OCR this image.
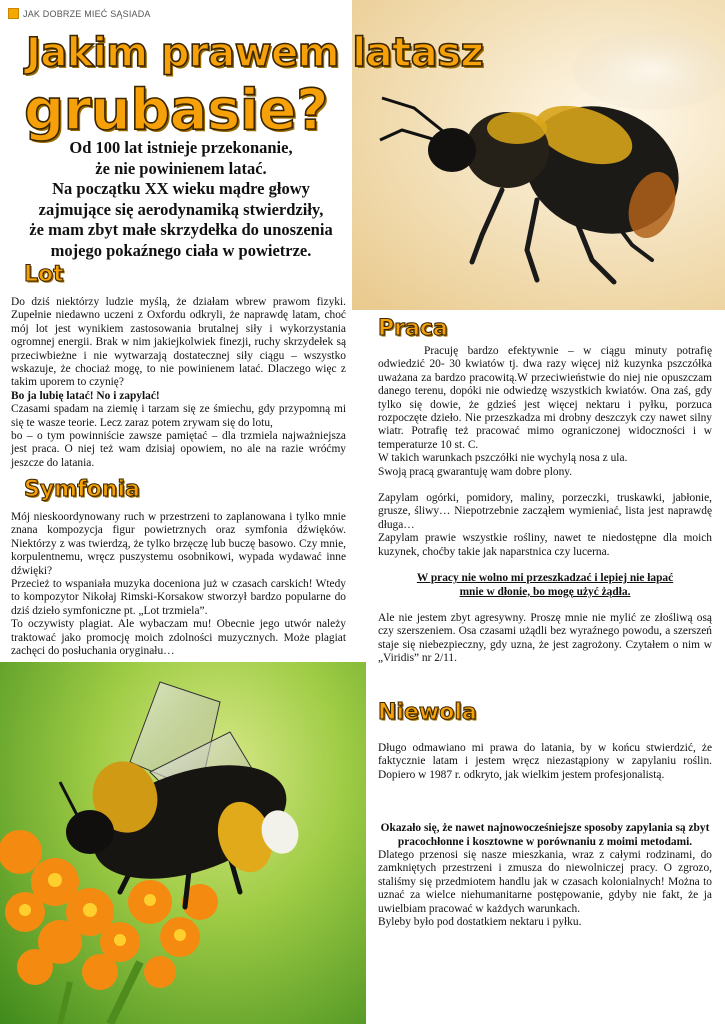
JAK DOBRZE MIEĆ SĄSIADA
Jakim prawem latasz
grubasie?
Od 100 lat istnieje przekonanie,
że nie powinienem latać.
Na początku XX wieku mądre głowy
zajmujące się aerodynamiką stwierdziły,
że mam zbyt małe skrzydełka do unoszenia
mojego pokaźnego ciała w powietrze.
Lot

Do dziś niektórzy ludzie myślą, że działam wbrew prawom fizyki. Zupełnie niedawno uczeni z Oxfordu odkryli, że naprawdę latam, choć mój lot jest wynikiem zastosowania brutalnej siły i wykorzystania ogromnej energii. Brak w nim jakiejkolwiek finezji, ruchy skrzydełek są przeciwbieżne i nie wytwarzają dostatecznej siły ciągu – wszystko wskazuje, że chociaż mogę, to nie powinienem latać. Dlaczego więc z takim uporem to czynię?

Bo ja lubię latać! No i zapylać!

Czasami spadam na ziemię i tarzam się ze śmiechu, gdy przypomną mi się te wasze teorie. Lecz zaraz potem zrywam się do lotu,

bo – o tym powinniście zawsze pamiętać – dla trzmiela najważniejsza jest praca. O niej też wam dzisiaj opowiem, no ale na razie wróćmy jeszcze do latania.

Symfonia

Mój nieskoordynowany ruch w przestrzeni to zaplanowana i tylko mnie znana kompozycja figur powietrznych oraz symfonia dźwięków. Niektórzy z was twierdzą, że tylko brzęczę lub buczę basowo. Czy mnie, korpulentnemu, wręcz puszystemu osobnikowi, wypada wydawać inne dźwięki?

Przecież to wspaniała muzyka doceniona już w czasach carskich! Wtedy to kompozytor Nikołaj Rimski-Korsakow stworzył bardzo popularne do dziś dzieło symfoniczne pt. „Lot trzmiela”.

To oczywisty plagiat. Ale wybaczam mu! Obecnie jego utwór należy traktować jako promocję moich zdolności muzycznych. Może plagiat zachęci do posłuchania oryginału…

Praca

Pracuję bardzo efektywnie – w ciągu minuty potrafię odwiedzić 20- 30 kwiatów tj. dwa razy więcej niż kuzynka pszczółka uważana za bardzo pracowitą.W przeciwieństwie do niej nie opuszczam danego terenu, dopóki nie odwiedzę wszystkich kwiatów. Ona zaś, gdy tylko się dowie, że gdzieś jest więcej nektaru i pyłku, porzuca rozpoczęte dzieło. Nie przeszkadza mi drobny deszczyk czy nawet silny wiatr. Potrafię też pracować mimo ograniczonej widoczności i w temperaturze 10 st. C.

W takich warunkach pszczółki nie wychylą nosa z ula.

Swoją pracą gwarantuję wam dobre plony.

Zapylam ogórki, pomidory, maliny, porzeczki, truskawki, jabłonie, grusze, śliwy… Niepotrzebnie zacząłem wymieniać, lista jest naprawdę długa…

Zapylam prawie wszystkie rośliny, nawet te niedostępne dla moich kuzynek, choćby takie jak naparstnica czy lucerna.

W pracy nie wolno mi przeszkadzać i lepiej nie łapać mnie w dłonie, bo mogę użyć żądła.

Ale nie jestem zbyt agresywny. Proszę mnie nie mylić ze złośliwą osą czy szerszeniem. Osa czasami użądli bez wyraźnego powodu, a szerszeń staje się niebezpieczny, gdy uzna, że jest zagrożony. Czytałem o nim w „Viridis” nr 2/11.

Niewola

Długo odmawiano mi prawa do latania, by w końcu stwierdzić, że faktycznie latam i jestem wręcz niezastąpiony w zapylaniu roślin. Dopiero w 1987 r. odkryto, jak wielkim jestem profesjonalistą.

Okazało się, że nawet najnowocześniejsze sposoby zapylania są zbyt pracochłonne i kosztowne w porównaniu z moimi metodami.

Dlatego przenosi się nasze mieszkania, wraz z całymi rodzinami, do zamkniętych przestrzeni i zmusza do niewolniczej pracy. O zgrozo, staliśmy się przedmiotem handlu jak w czasach kolonialnych! Można to uznać za wielce niehumanitarne postępowanie, gdyby nie fakt, że ja uwielbiam pracować w każdych warunkach.

Byleby było pod dostatkiem nektaru i pyłku.
